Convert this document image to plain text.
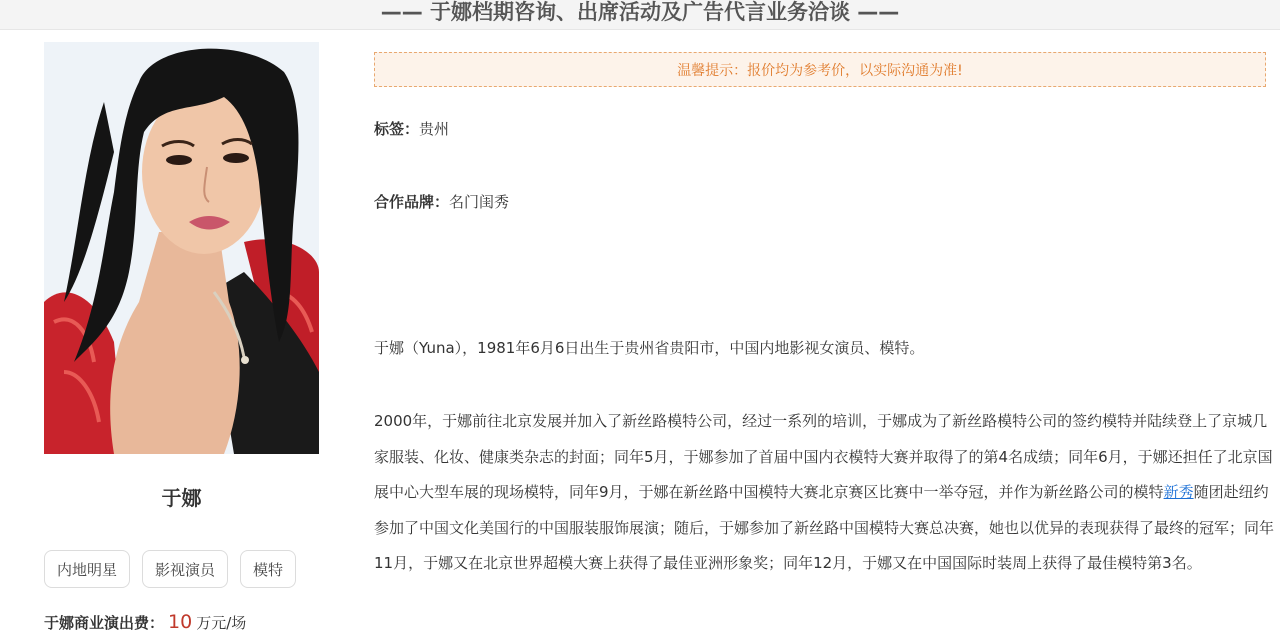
—— 于娜档期咨询、出席活动及广告代言业务洽谈 ——
于娜
内地明星	影视演员	模特
于娜商业演出费： 10 万元/场
温馨提示：报价均为参考价，以实际沟通为准!
标签：贵州
合作品牌：名门闺秀
于娜（Yuna），1981年6月6日出生于贵州省贵阳市，中国内地影视女演员、模特。
2000年，于娜前往北京发展并加入了新丝路模特公司，经过一系列的培训，于娜成为了新丝路模特公司的签约模特并陆续登上了京城几家服装、化妆、健康类杂志的封面；同年5月，于娜参加了首届中国内衣模特大赛并取得了的第4名成绩；同年6月，于娜还担任了北京国展中心大型车展的现场模特，同年9月，于娜在新丝路中国模特大赛北京赛区比赛中一举夺冠，并作为新丝路公司的模特新秀随团赴纽约参加了中国文化美国行的中国服装服饰展演；随后，于娜参加了新丝路中国模特大赛总决赛，她也以优异的表现获得了最终的冠军；同年11月，于娜又在北京世界超模大赛上获得了最佳亚洲形象奖；同年12月，于娜又在中国国际时装周上获得了最佳模特第3名。
